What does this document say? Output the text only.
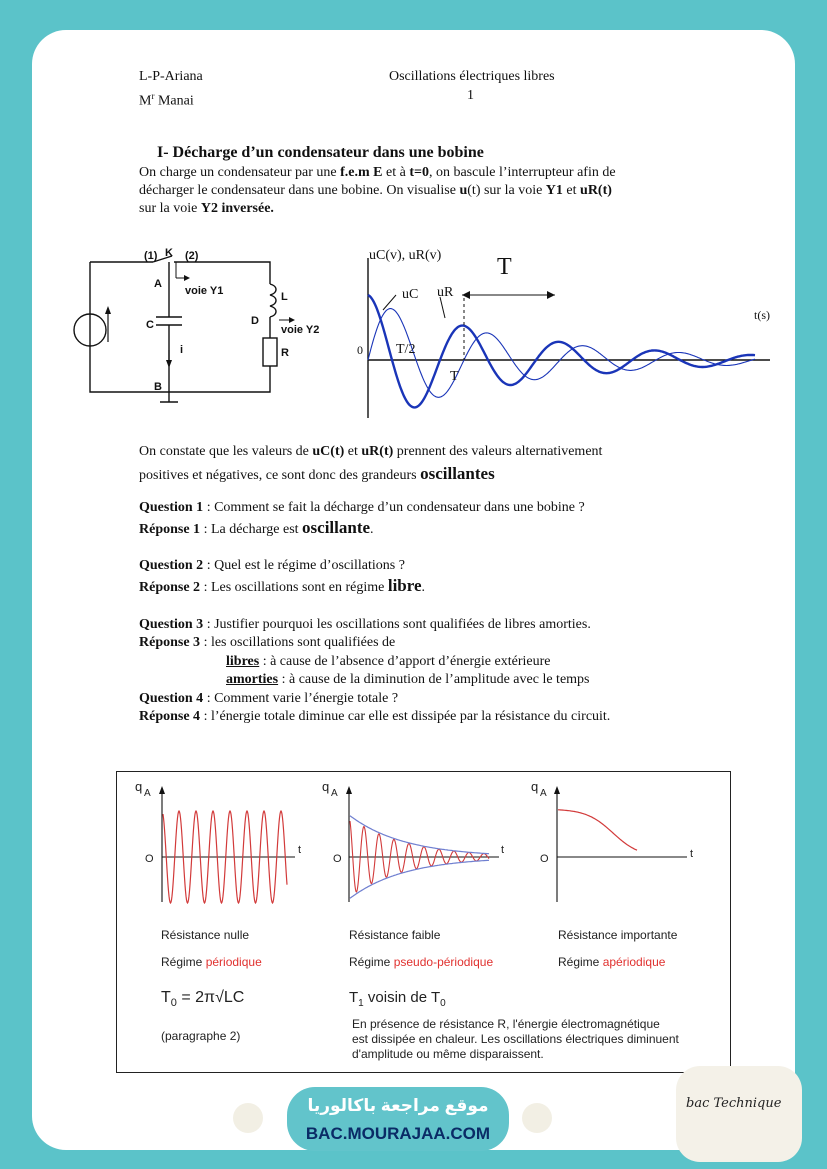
L-P-Ariana
$M^r$ Manai
Oscillations électriques libres
1
I- Décharge d’un condensateur dans une bobine
On charge un condensateur par une f.e.m E et à t=0, on bascule l’interrupteur afin de
décharger le condensateur dans une bobine. On visualise u(t) sur la voie Y1 et uR(t)
sur la voie Y2 inversée.
(1) K (2)
A
C
i
B
voie Y1	L
D
voie Y2
R
uC(v), uR(v) T
uC uR
t(s)
0 T/2
T
On constate que les valeurs de uC(t) et uR(t) prennent des valeurs alternativement
positives et négatives, ce sont donc des grandeurs oscillantes
Question 1 : Comment se fait la décharge d’un condensateur dans une bobine ?
Réponse 1 : La décharge est oscillante.
Question 2 : Quel est le régime d’oscillations ?
Réponse 2 : Les oscillations sont en régime libre.
Question 3 : Justifier pourquoi les oscillations sont qualifiées de libres amorties.
Réponse 3 : les oscillations sont qualifiées de
libres : à cause de l’absence d’apport d’énergie extérieure
amorties : à cause de la diminution de l’amplitude avec le temps
Question 4 : Comment varie l’énergie totale ?
Réponse 4 : l’énergie totale diminue car elle est dissipée par la résistance du circuit.
q A	q A	q A
O	O	O
t	t	t
Résistance nulle
Régime périodique
$T_0 = 2\pi√LC$
(paragraphe 2)
Résistance faible
Régime pseudo-périodique
$T_1$ voisin de $T_0$
Résistance importante
Régime apériodique
En présence de résistance R, l'énergie électromagnétique
est dissipée en chaleur. Les oscillations électriques diminuent
d'amplitude ou même disparaissent.
موقع مراجعة باكالوريا
BAC.MOURAJAA.COM
bac Technique
